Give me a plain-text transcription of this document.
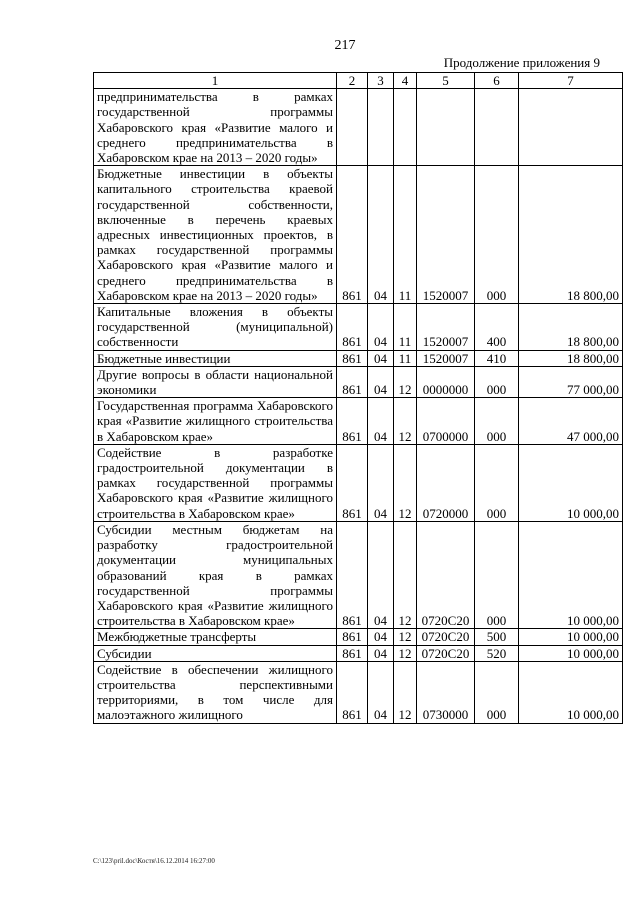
217
Продолжение приложения 9
1	2	3	4	5	6	7
предпринимательства в рамках государственной программы Хабаровского края «Развитие малого и среднего предпринимательства в Хабаровском крае на 2013 – 2020 годы»						
Бюджетные инвестиции в объекты капитального строительства краевой государственной собственности, включенные в перечень краевых адресных инвестиционных проектов, в рамках государственной программы Хабаровского края «Развитие малого и среднего предпринимательства в Хабаровском крае на 2013 – 2020 годы»	861	04	11	1520007	000	18 800,00
Капитальные вложения в объекты государственной (муниципальной) собственности	861	04	11	1520007	400	18 800,00
Бюджетные инвестиции	861	04	11	1520007	410	18 800,00
Другие вопросы в области национальной экономики	861	04	12	0000000	000	77 000,00
Государственная программа Хабаровского края «Развитие жилищного строительства в Хабаровском крае»	861	04	12	0700000	000	47 000,00
Содействие в разработке градостроительной документации в рамках государственной программы Хабаровского края «Развитие жилищного строительства в Хабаровском крае»	861	04	12	0720000	000	10 000,00
Субсидии местным бюджетам на разработку градостроительной документации муниципальных образований края в рамках государственной программы Хабаровского края «Развитие жилищного строительства в Хабаровском крае»	861	04	12	0720С20	000	10 000,00
Межбюджетные трансферты	861	04	12	0720С20	500	10 000,00
Субсидии	861	04	12	0720С20	520	10 000,00
Содействие в обеспечении жилищного строительства перспективными территориями, в том числе для малоэтажного жилищного	861	04	12	0730000	000	10 000,00
C:\123\pril.doc\Костя\16.12.2014 16:27:00
